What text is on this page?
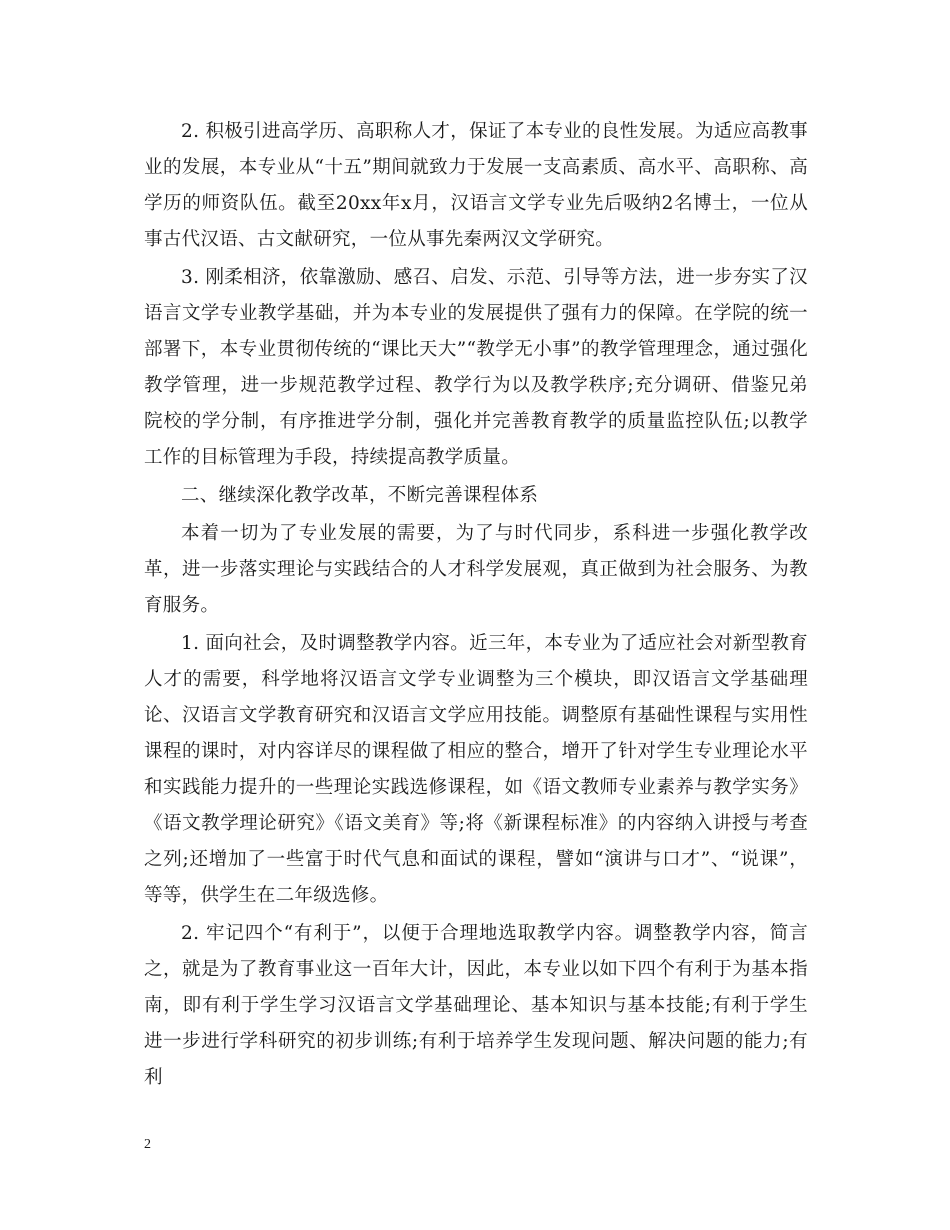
2. 积极引进高学历、高职称人才，保证了本专业的良性发展。为适应高教事业的发展，本专业从“十五”期间就致力于发展一支高素质、高水平、高职称、高学历的师资队伍。截至20xx年x月，汉语言文学专业先后吸纳2名博士，一位从事古代汉语、古文献研究，一位从事先秦两汉文学研究。

3. 刚柔相济，依靠激励、感召、启发、示范、引导等方法，进一步夯实了汉语言文学专业教学基础，并为本专业的发展提供了强有力的保障。在学院的统一部署下，本专业贯彻传统的“课比天大”“教学无小事”的教学管理理念，通过强化教学管理，进一步规范教学过程、教学行为以及教学秩序;充分调研、借鉴兄弟院校的学分制，有序推进学分制，强化并完善教育教学的质量监控队伍;以教学工作的目标管理为手段，持续提高教学质量。

二、继续深化教学改革，不断完善课程体系

本着一切为了专业发展的需要，为了与时代同步，系科进一步强化教学改革，进一步落实理论与实践结合的人才科学发展观，真正做到为社会服务、为教育服务。

1. 面向社会，及时调整教学内容。近三年，本专业为了适应社会对新型教育人才的需要，科学地将汉语言文学专业调整为三个模块，即汉语言文学基础理论、汉语言文学教育研究和汉语言文学应用技能。调整原有基础性课程与实用性课程的课时，对内容详尽的课程做了相应的整合，增开了针对学生专业理论水平和实践能力提升的一些理论实践选修课程，如《语文教师专业素养与教学实务》《语文教学理论研究》《语文美育》等;将《新课程标准》的内容纳入讲授与考查之列;还增加了一些富于时代气息和面试的课程，譬如“演讲与口才”、“说课”，等等，供学生在二年级选修。

2. 牢记四个“有利于”，以便于合理地选取教学内容。调整教学内容，简言之，就是为了教育事业这一百年大计，因此，本专业以如下四个有利于为基本指南，即有利于学生学习汉语言文学基础理论、基本知识与基本技能;有利于学生进一步进行学科研究的初步训练;有利于培养学生发现问题、解决问题的能力;有利

2
